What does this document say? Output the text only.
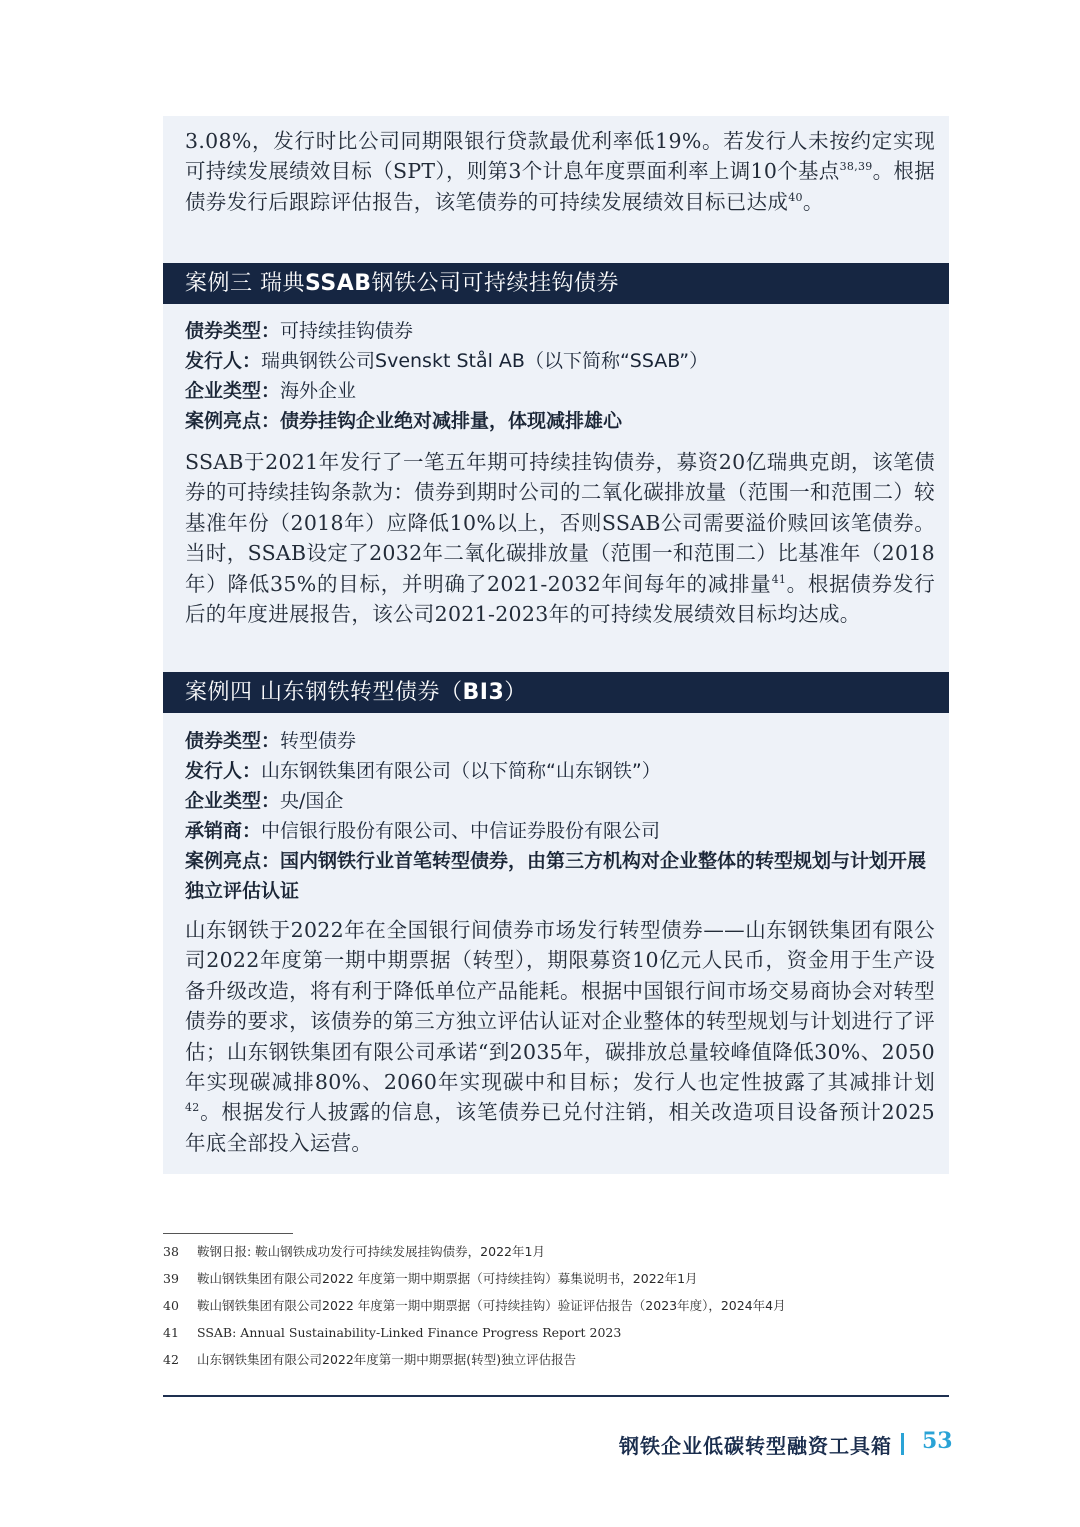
3.08%，发行时比公司同期限银行贷款最优利率低19%。若发行人未按约定实现可持续发展绩效目标（SPT），则第3个计息年度票面利率上调10个基点$^{38,39}$。根据债券发行后跟踪评估报告，该笔债券的可持续发展绩效目标已达成$^{40}$。

案例三 瑞典SSAB钢铁公司可持续挂钩债券
债券类型：可持续挂钩债券
发行人：瑞典钢铁公司Svenskt Stål AB（以下简称“SSAB”）
企业类型：海外企业
案例亮点：债券挂钩企业绝对减排量，体现减排雄心

SSAB于2021年发行了一笔五年期可持续挂钩债券，募资20亿瑞典克朗，该笔债券的可持续挂钩条款为：债券到期时公司的二氧化碳排放量（范围一和范围二）较基准年份（2018年）应降低10%以上，否则SSAB公司需要溢价赎回该笔债券。当时，SSAB设定了2032年二氧化碳排放量（范围一和范围二）比基准年（2018年）降低35%的目标，并明确了2021-2032年间每年的减排量$^{41}$。根据债券发行后的年度进展报告，该公司2021-2023年的可持续发展绩效目标均达成。

案例四 山东钢铁转型债券（BI3）
债券类型：转型债券
发行人：山东钢铁集团有限公司（以下简称“山东钢铁”）
企业类型：央/国企
承销商：中信银行股份有限公司、中信证券股份有限公司
案例亮点：国内钢铁行业首笔转型债券，由第三方机构对企业整体的转型规划与计划开展独立评估认证

山东钢铁于2022年在全国银行间债券市场发行转型债券——山东钢铁集团有限公司2022年度第一期中期票据（转型），期限募资10亿元人民币，资金用于生产设备升级改造，将有利于降低单位产品能耗。根据中国银行间市场交易商协会对转型债券的要求，该债券的第三方独立评估认证对企业整体的转型规划与计划进行了评估；山东钢铁集团有限公司承诺“到2035年，碳排放总量较峰值降低30%、2050年实现碳减排80%、2060年实现碳中和目标；发行人也定性披露了其减排计划$^{42}$。根据发行人披露的信息，该笔债券已兑付注销，相关改造项目设备预计2025年底全部投入运营。

38	鞍钢日报: 鞍山钢铁成功发行可持续发展挂钩债券，2022年1月
39	鞍山钢铁集团有限公司2022 年度第一期中期票据（可持续挂钩）募集说明书，2022年1月
40	鞍山钢铁集团有限公司2022 年度第一期中期票据（可持续挂钩）验证评估报告（2023年度），2024年4月
41	SSAB: Annual Sustainability-Linked Finance Progress Report 2023
42	山东钢铁集团有限公司2022年度第一期中期票据(转型)独立评估报告
钢铁企业低碳转型融资工具箱 53
